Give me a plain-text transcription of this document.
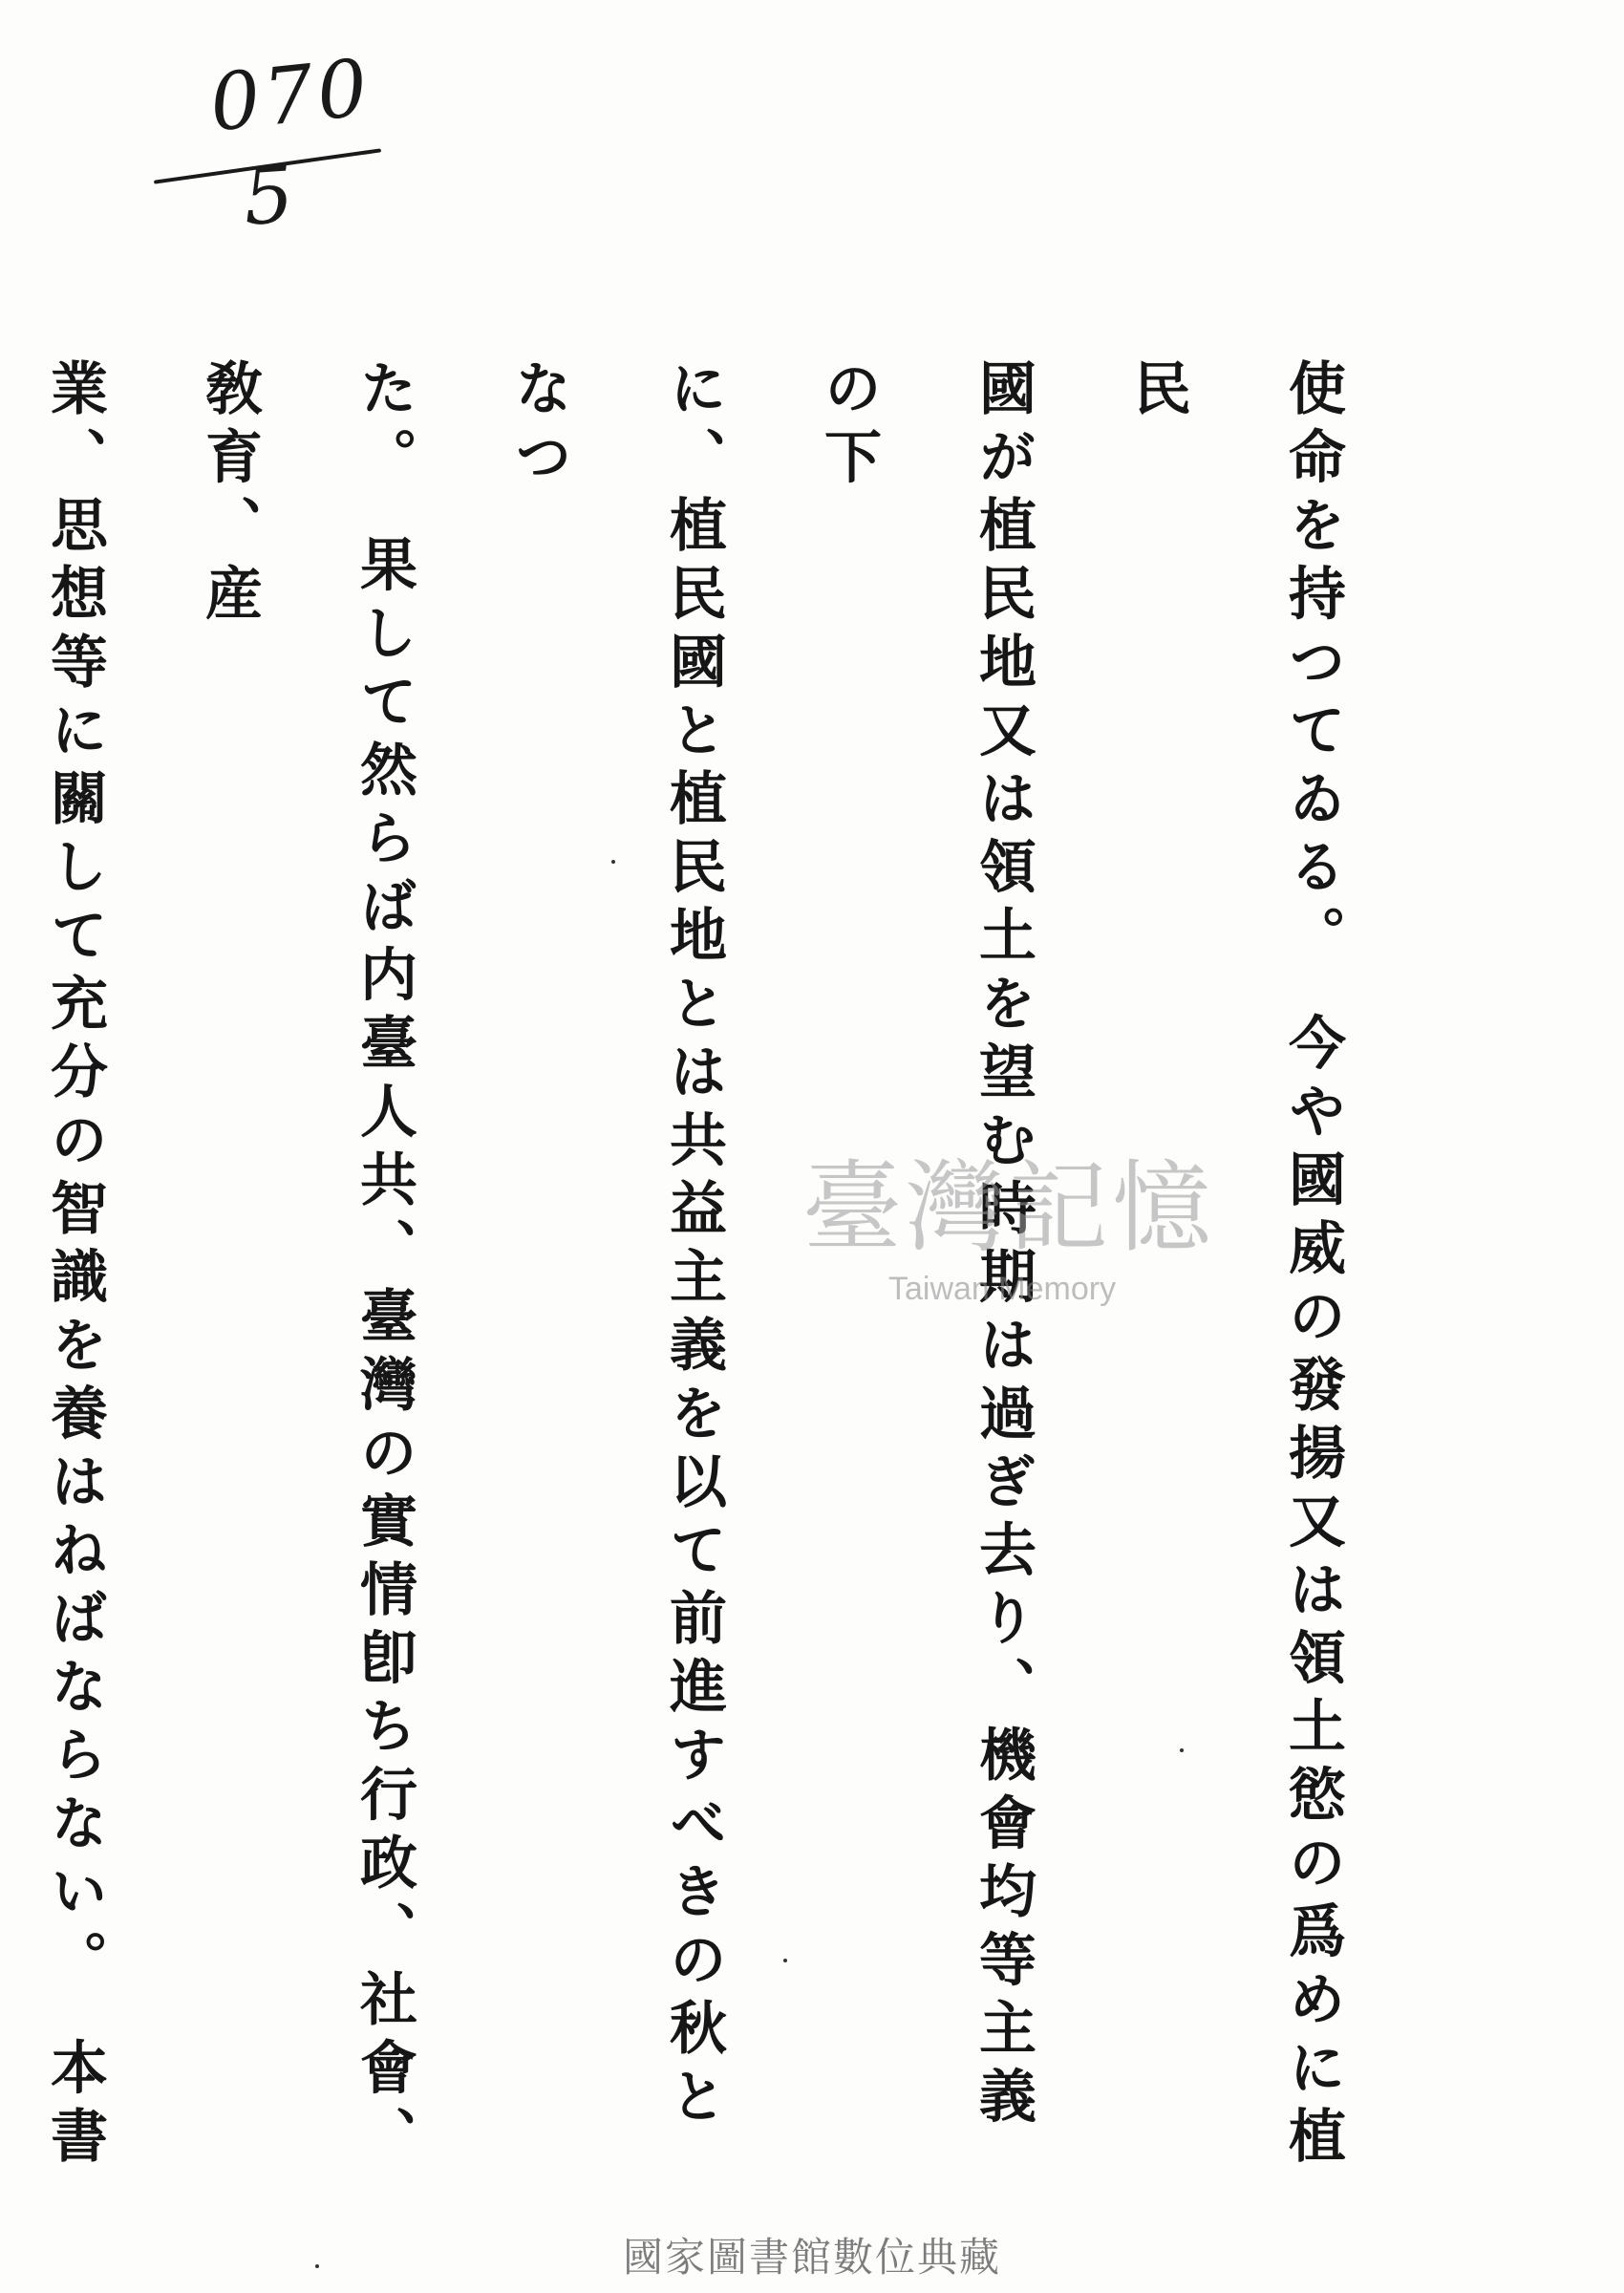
070
5
使命を持つてゐる。　今や國威の發揚又は領土慾の爲めに植民
國が植民地又は領土を望む時期は過ぎ去り、機會均等主義の下
に、植民國と植民地とは共益主義を以て前進すべきの秋となつ
た。　果して然らば内臺人共、臺灣の實情卽ち行政、社會、敎育、産
業、思想等に關して充分の智識を養はねばならない。　本書
臺灣記憶
Taiwan Memory
國家圖書館數位典藏
